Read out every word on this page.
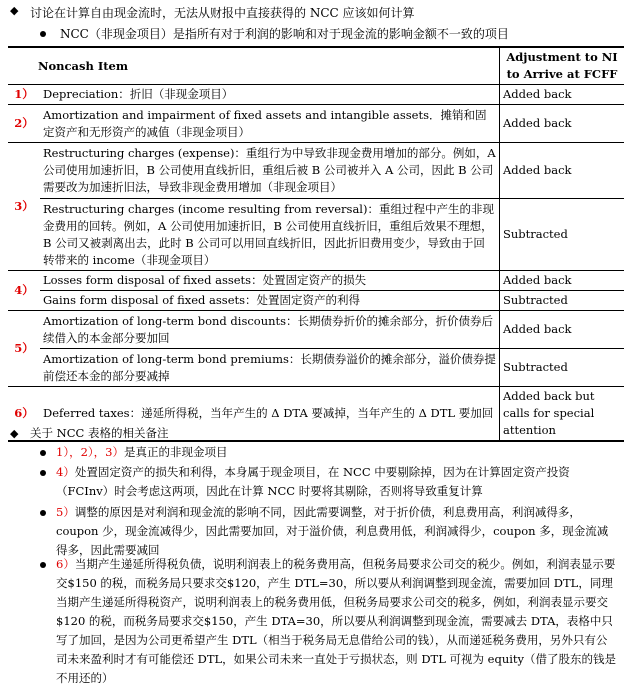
◆ 讨论在计算自由现金流时，无法从财报中直接获得的 NCC 应该如何计算
NCC（非现金项目）是指所有对于利润的影响和对于现金流的影响金额不一致的项目
Noncash Item		Adjustment to NI to Arrive at FCFF
1）	Depreciation：折旧（非现金项目）	Added back
2）	Amortization and impairment of fixed assets and intangible assets．摊销和固定资产和无形资产的减值（非现金项目）	Added back
3）	Restructuring charges (expense)：重组行为中导致非现金费用增加的部分。例如，A 公司使用加速折旧，B 公司使用直线折旧，重组后被 B 公司被并入 A 公司，因此 B 公司需要改为加速折旧法，导致非现金费用增加（非现金项目）	Added back
	Restructuring charges (income resulting from reversal)：重组过程中产生的非现金费用的回转。例如，A 公司使用加速折旧，B 公司使用直线折旧，重组后效果不理想，B 公司又被剥离出去，此时 B 公司可以用回直线折旧，因此折旧费用变少，导致由于回转带来的 income（非现金项目）	Subtracted
4）	Losses form disposal of fixed assets：处置固定资产的损失	Added back
	Gains form disposal of fixed assets：处置固定资产的利得	Subtracted
5）	Amortization of long-term bond discounts：长期债券折价的摊余部分，折价债券后续借入的本金部分要加回	Added back
	Amortization of long-term bond premiums：长期债券溢价的摊余部分，溢价债券提前偿还本金的部分要减掉	Subtracted
6）	Deferred taxes：递延所得税，当年产生的 Δ DTA 要减掉，当年产生的 Δ DTL 要加回	Added back but calls for special attention
◆ 关于 NCC 表格的相关备注
1），2），3）是真正的非现金项目
4）处置固定资产的损失和利得，本身属于现金项目，在 NCC 中要剔除掉，因为在计算固定资产投资（FCInv）时会考虑这两项，因此在计算 NCC 时要将其剔除，否则将导致重复计算
5）调整的原因是对利润和现金流的影响不同，因此需要调整，对于折价债，利息费用高，利润减得多，coupon 少，现金流减得少，因此需要加回，对于溢价债，利息费用低，利润减得少，coupon 多，现金流减得多，因此需要减回
6）当期产生递延所得税负债，说明利润表上的税务费用高，但税务局要求公司交的税少。例如，利润表显示要交$150 的税，而税务局只要求交$120，产生 DTL=30，所以要从利润调整到现金流，需要加回 DTL，同理当期产生递延所得税资产，说明利润表上的税务费用低，但税务局要求公司交的税多，例如，利润表显示要交$120 的税，而税务局要求交$150，产生 DTA=30，所以要从利润调整到现金流，需要减去 DTA，表格中只写了加回，是因为公司更希望产生 DTL（相当于税务局无息借给公司的钱），从而递延税务费用，另外只有公司未来盈利时才有可能偿还 DTL，如果公司未来一直处于亏损状态，则 DTL 可视为 equity（借了股东的钱是不用还的）
